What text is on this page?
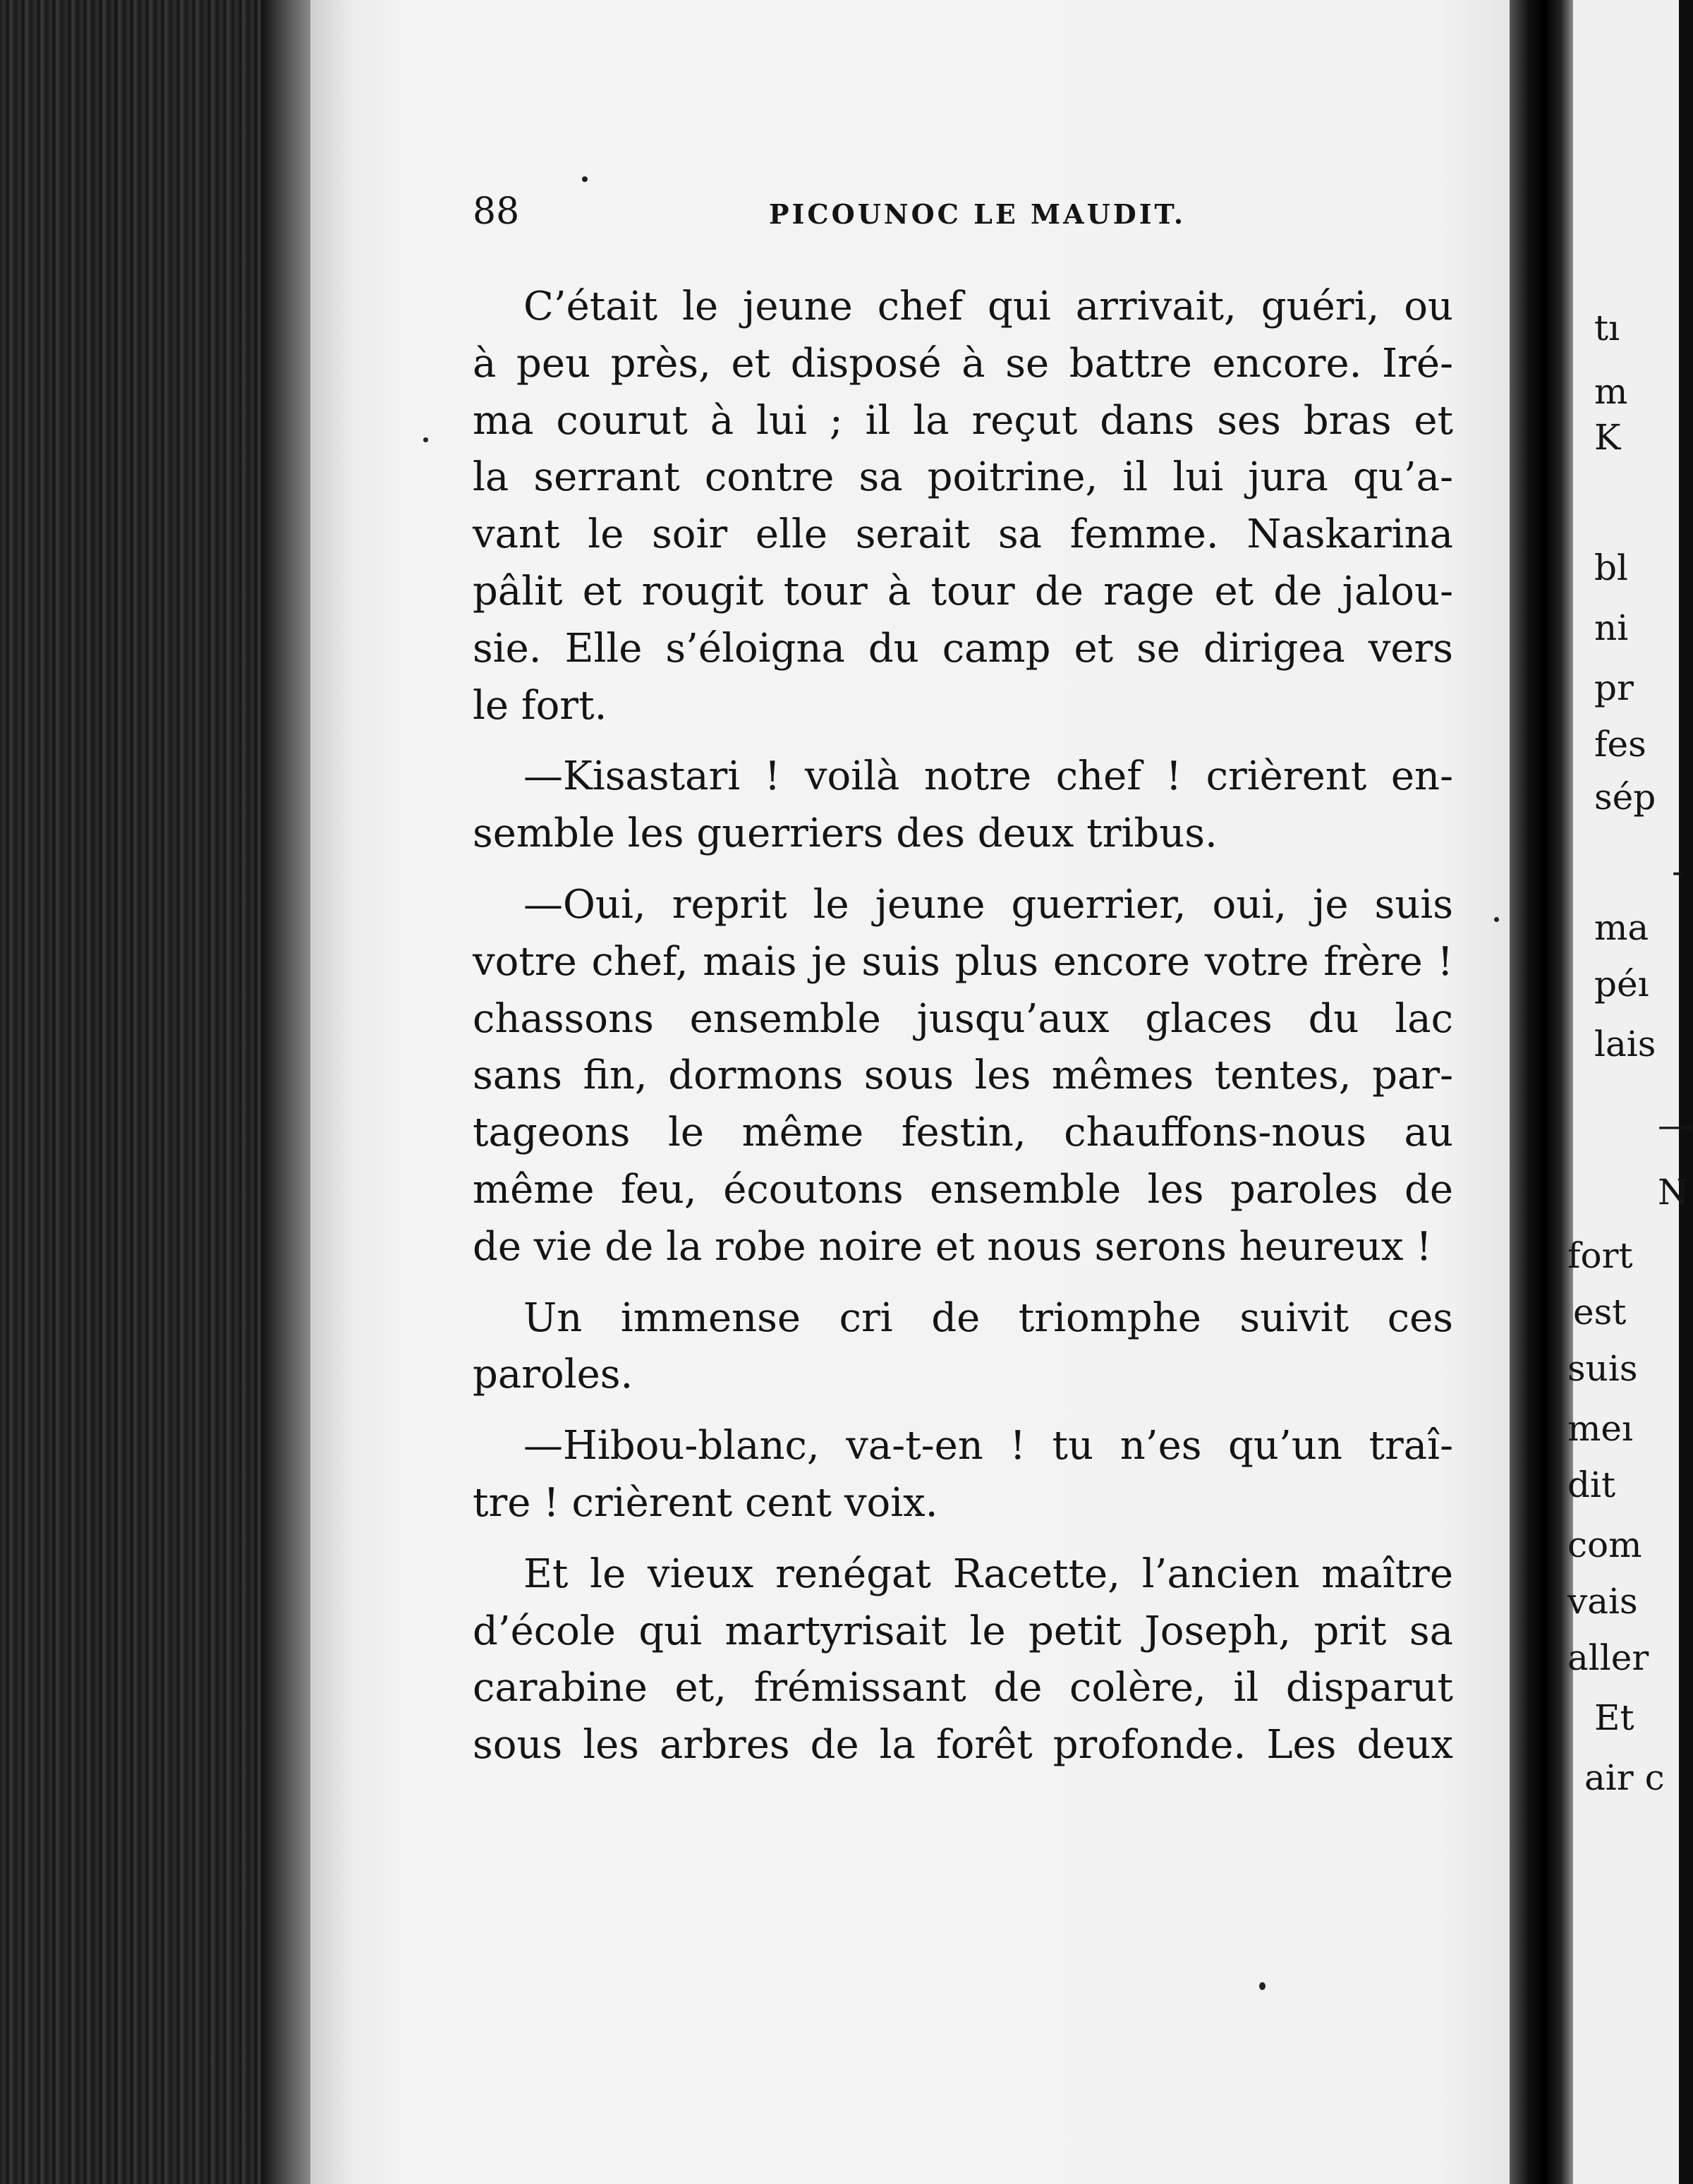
88	PICOUNOC LE MAUDIT.
C’était le jeune chef qui arrivait, guéri, ou
à peu près, et disposé à se battre encore. Iré-
ma courut à lui ; il la reçut dans ses bras et
la serrant contre sa poitrine, il lui jura qu’a-
vant le soir elle serait sa femme. Naskarina
pâlit et rougit tour à tour de rage et de jalou-
sie. Elle s’éloigna du camp et se dirigea vers
le fort.
—Kisastari ! voilà notre chef ! crièrent en-
semble les guerriers des deux tribus.
—Oui, reprit le jeune guerrier, oui, je suis
votre chef, mais je suis plus encore votre frère !
chassons ensemble jusqu’aux glaces du lac
sans fin, dormons sous les mêmes tentes, par-
tageons le même festin, chauffons-nous au
même feu, écoutons ensemble les paroles de
de vie de la robe noire et nous serons heureux !
Un immense cri de triomphe suivit ces
paroles.
—Hibou-blanc, va-t-en ! tu n’es qu’un traî-
tre ! crièrent cent voix.
Et le vieux renégat Racette, l’ancien maître
d’école qui martyrisait le petit Joseph, prit sa
carabine et, frémissant de colère, il disparut
sous les arbres de la forêt profonde. Les deux
tı
m
K
bl
ni
pr
fes
sép
-
ma
péı
lais
—
N
fort
est
suis
meı
dit
com
vais
aller
Et
air c
